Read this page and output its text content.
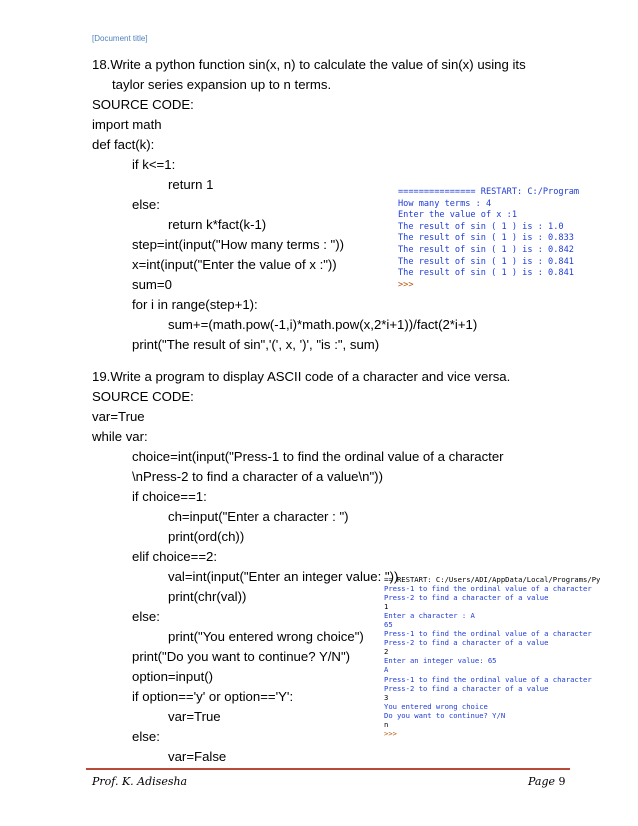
[Document title]
18.Write a python function sin(x, n) to calculate the value of sin(x) using its
taylor series expansion up to n terms.
SOURCE CODE:
import math
def fact(k):
if k<=1:
return 1
else:
return k*fact(k-1)
step=int(input("How many terms : "))
x=int(input("Enter the value of x :"))
sum=0
for i in range(step+1):
sum+=(math.pow(-1,i)*math.pow(x,2*i+1))/fact(2*i+1)
print("The result of sin",'(', x, ')', "is :", sum)
=============== RESTART: C:/Program
How many terms : 4
Enter the value of x :1
The result of sin ( 1 ) is : 1.0
The result of sin ( 1 ) is : 0.833
The result of sin ( 1 ) is : 0.842
The result of sin ( 1 ) is : 0.841
The result of sin ( 1 ) is : 0.841
>>>
19.Write a program to display ASCII code of a character and vice versa.
SOURCE CODE:
var=True
while var:
choice=int(input("Press-1 to find the ordinal value of a character
\nPress-2 to find a character of a value\n"))
if choice==1:
ch=input("Enter a character : ")
print(ord(ch))
elif choice==2:
val=int(input("Enter an integer value: "))
print(chr(val))
else:
print("You entered wrong choice")
print("Do you want to continue? Y/N")
option=input()
if option=='y' or option=='Y':
var=True
else:
var=False
== RESTART: C:/Users/ADI/AppData/Local/Programs/Py
Press-1 to find the ordinal value of a character
Press-2 to find a character of a value
1
Enter a character : A
65
Press-1 to find the ordinal value of a character
Press-2 to find a character of a value
2
Enter an integer value: 65
A
Press-1 to find the ordinal value of a character
Press-2 to find a character of a value
3
You entered wrong choice
Do you want to continue? Y/N
n
>>>
Prof. K. Adisesha	Page 9
